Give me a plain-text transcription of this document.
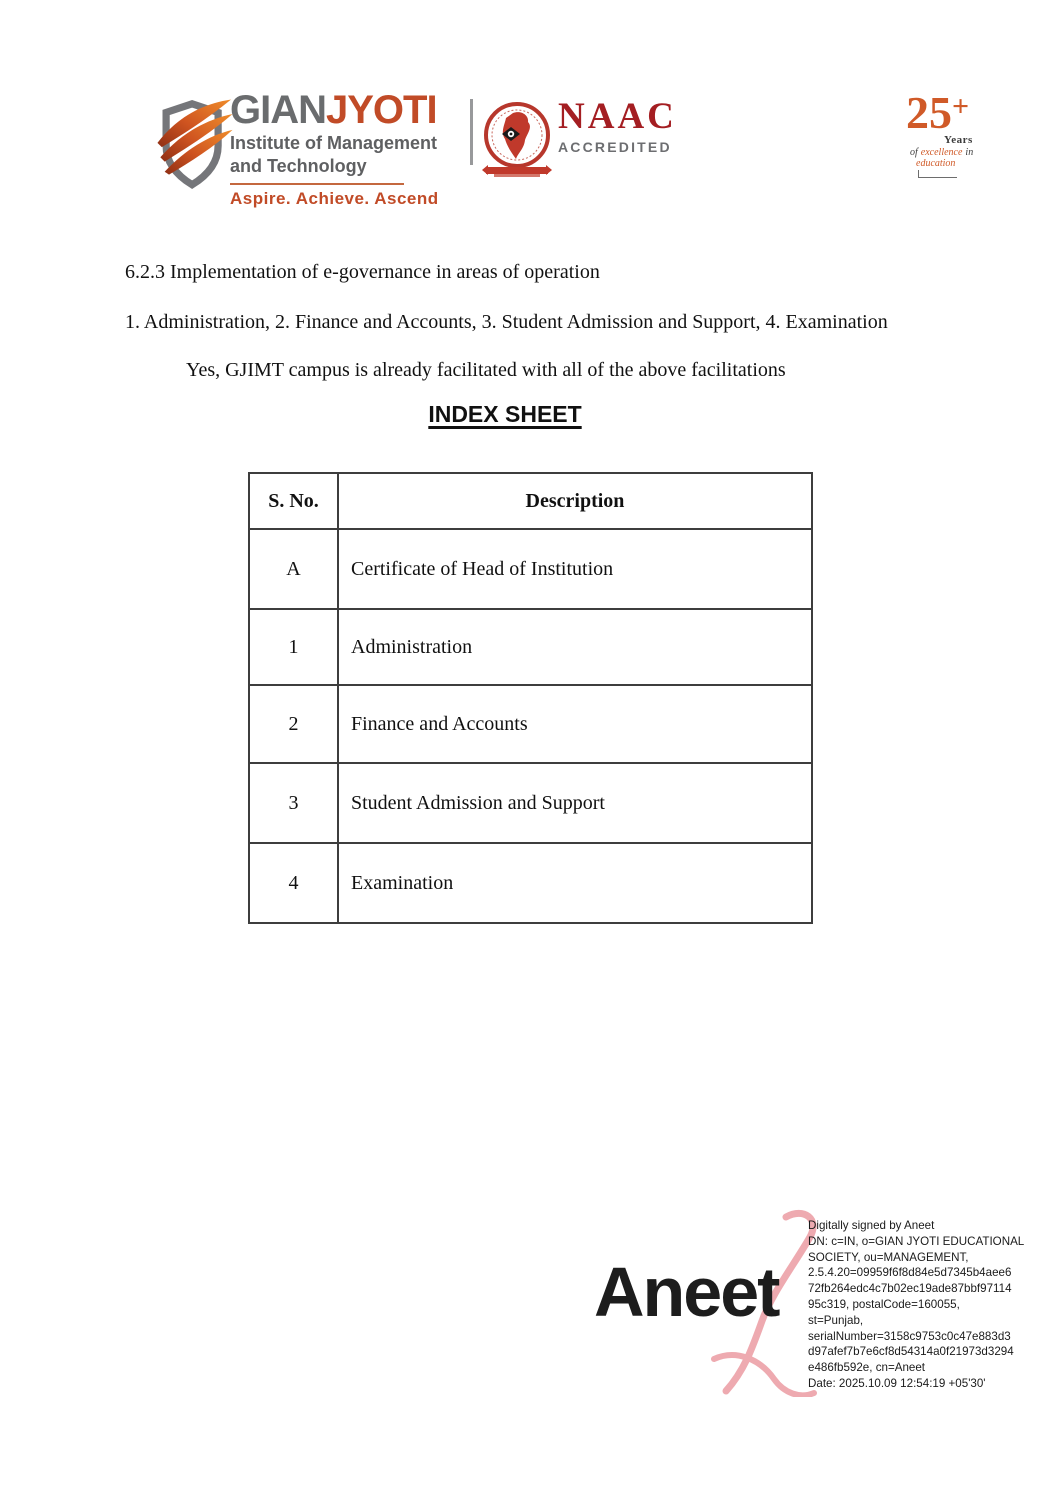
GIANJYOTI
Institute of Management
and Technology
Aspire. Achieve. Ascend
NAAC
ACCREDITED
25+
Years
of excellence in
education
6.2.3 Implementation of e-governance in areas of operation
1. Administration, 2. Finance and Accounts, 3. Student Admission and Support, 4. Examination
Yes, GJIMT campus is already facilitated with all of the above facilitations
INDEX SHEET
S. No.	Description
A	Certificate of Head of Institution
1	Administration
2	Finance and Accounts
3	Student Admission and Support
4	Examination
Aneet
Digitally signed by Aneet
DN: c=IN, o=GIAN JYOTI EDUCATIONAL
SOCIETY, ou=MANAGEMENT,
2.5.4.20=09959f6f8d84e5d7345b4aee6
72fb264edc4c7b02ec19ade87bbf97114
95c319, postalCode=160055,
st=Punjab,
serialNumber=3158c9753c0c47e883d3
d97afef7b7e6cf8d54314a0f21973d3294
e486fb592e, cn=Aneet
Date: 2025.10.09 12:54:19 +05'30'
